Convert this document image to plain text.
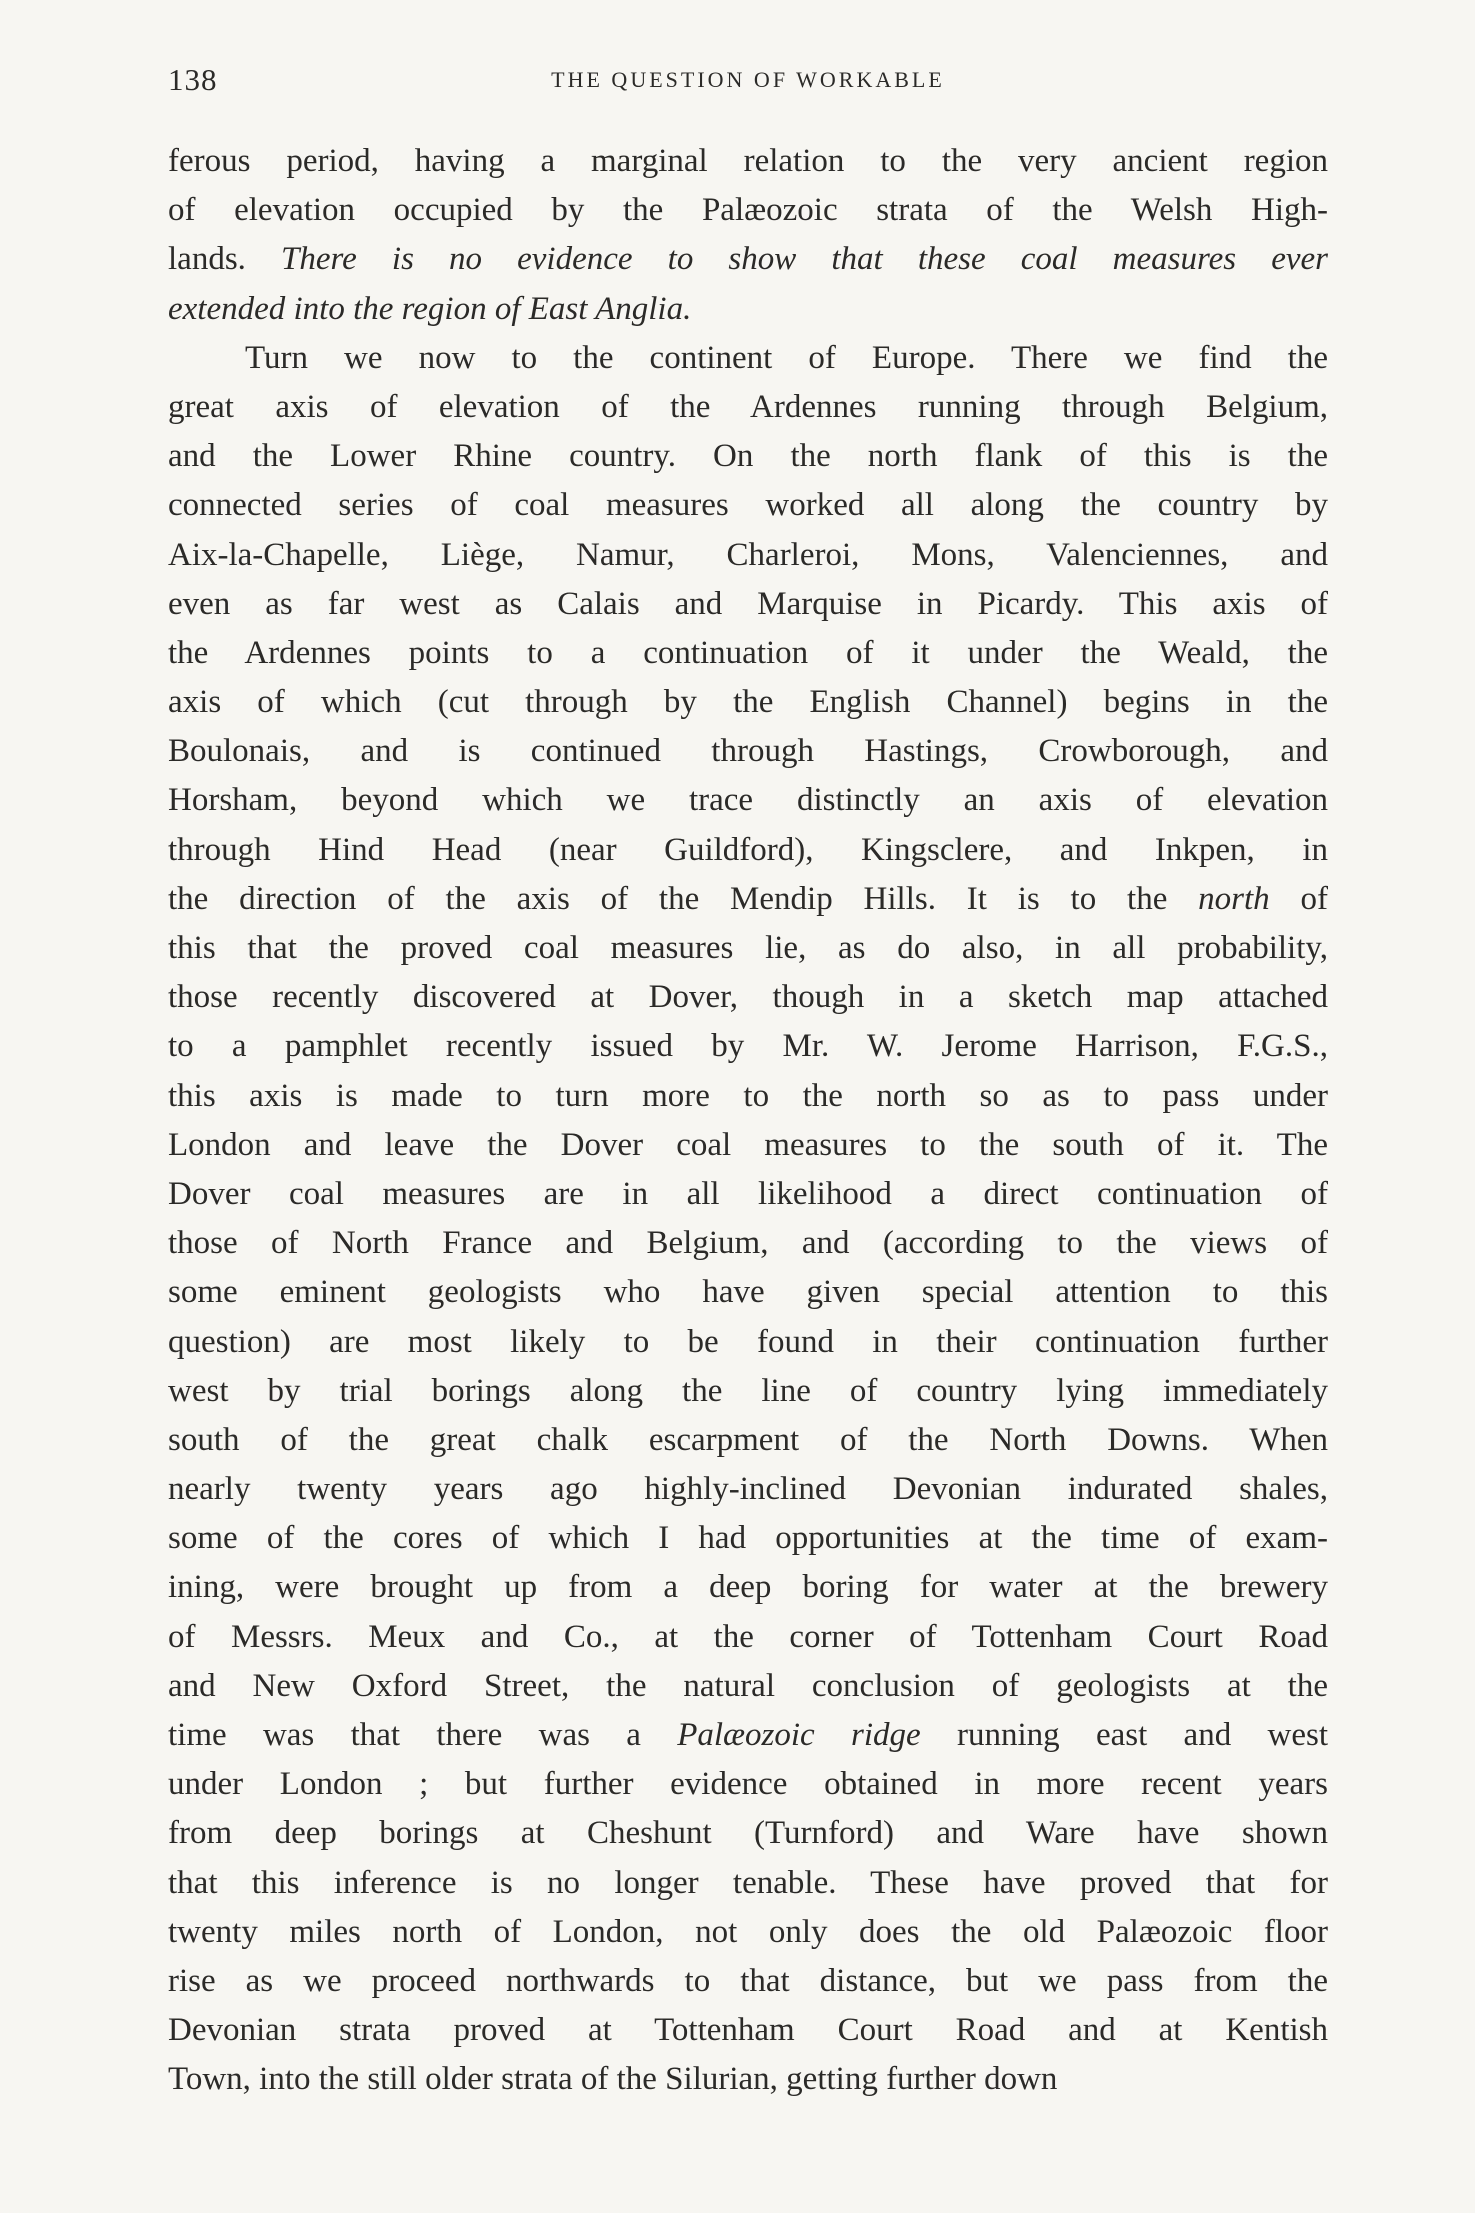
138	THE QUESTION OF WORKABLE
ferous period, having a marginal relation to the very ancient region
of elevation occupied by the Palæozoic strata of the Welsh High-
lands. There is no evidence to show that these coal measures ever
extended into the region of East Anglia.
Turn we now to the continent of Europe. There we find the
great axis of elevation of the Ardennes running through Belgium,
and the Lower Rhine country. On the north flank of this is the
connected series of coal measures worked all along the country by
Aix-la-Chapelle, Liège, Namur, Charleroi, Mons, Valenciennes, and
even as far west as Calais and Marquise in Picardy. This axis of
the Ardennes points to a continuation of it under the Weald, the
axis of which (cut through by the English Channel) begins in the
Boulonais, and is continued through Hastings, Crowborough, and
Horsham, beyond which we trace distinctly an axis of elevation
through Hind Head (near Guildford), Kingsclere, and Inkpen, in
the direction of the axis of the Mendip Hills. It is to the north of
this that the proved coal measures lie, as do also, in all probability,
those recently discovered at Dover, though in a sketch map attached
to a pamphlet recently issued by Mr. W. Jerome Harrison, F.G.S.,
this axis is made to turn more to the north so as to pass under
London and leave the Dover coal measures to the south of it. The
Dover coal measures are in all likelihood a direct continuation of
those of North France and Belgium, and (according to the views of
some eminent geologists who have given special attention to this
question) are most likely to be found in their continuation further
west by trial borings along the line of country lying immediately
south of the great chalk escarpment of the North Downs. When
nearly twenty years ago highly-inclined Devonian indurated shales,
some of the cores of which I had opportunities at the time of exam-
ining, were brought up from a deep boring for water at the brewery
of Messrs. Meux and Co., at the corner of Tottenham Court Road
and New Oxford Street, the natural conclusion of geologists at the
time was that there was a Palæozoic ridge running east and west
under London ; but further evidence obtained in more recent years
from deep borings at Cheshunt (Turnford) and Ware have shown
that this inference is no longer tenable. These have proved that for
twenty miles north of London, not only does the old Palæozoic floor
rise as we proceed northwards to that distance, but we pass from the
Devonian strata proved at Tottenham Court Road and at Kentish
Town, into the still older strata of the Silurian, getting further down
